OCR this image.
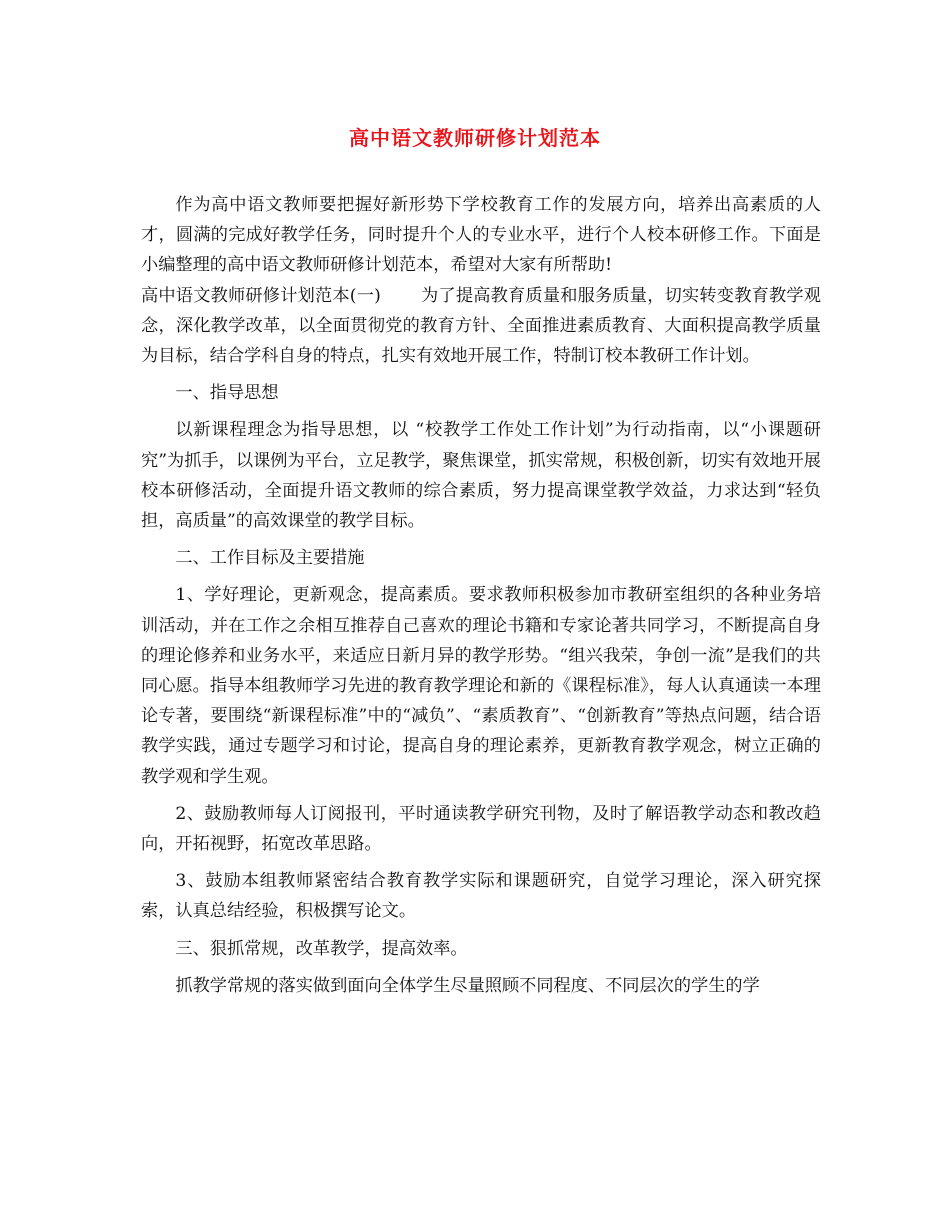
高中语文教师研修计划范本

作为高中语文教师要把握好新形势下学校教育工作的发展方向，培养出高素质的人才，圆满的完成好教学任务，同时提升个人的专业水平，进行个人校本研修工作。下面是小编整理的高中语文教师研修计划范本，希望对大家有所帮助!

高中语文教师研修计划范本(一) 为了提高教育质量和服务质量，切实转变教育教学观念，深化教学改革，以全面贯彻党的教育方针、全面推进素质教育、大面积提高教学质量为目标，结合学科自身的特点，扎实有效地开展工作，特制订校本教研工作计划。

一、指导思想

以新课程理念为指导思想，以 “校教学工作处工作计划”为行动指南，以“小课题研究”为抓手，以课例为平台，立足教学，聚焦课堂，抓实常规，积极创新，切实有效地开展校本研修活动，全面提升语文教师的综合素质，努力提高课堂教学效益，力求达到“轻负担，高质量”的高效课堂的教学目标。

二、工作目标及主要措施

1、学好理论，更新观念，提高素质。要求教师积极参加市教研室组织的各种业务培训活动，并在工作之余相互推荐自己喜欢的理论书籍和专家论著共同学习，不断提高自身的理论修养和业务水平，来适应日新月异的教学形势。“组兴我荣，争创一流”是我们的共同心愿。指导本组教师学习先进的教育教学理论和新的《课程标准》，每人认真通读一本理论专著，要围绕“新课程标准”中的“减负”、“素质教育”、“创新教育”等热点问题，结合语教学实践，通过专题学习和讨论，提高自身的理论素养，更新教育教学观念，树立正确的教学观和学生观。

2、鼓励教师每人订阅报刊，平时通读教学研究刊物，及时了解语教学动态和教改趋向，开拓视野，拓宽改革思路。

3、鼓励本组教师紧密结合教育教学实际和课题研究，自觉学习理论，深入研究探索，认真总结经验，积极撰写论文。

三、狠抓常规，改革教学，提高效率。

抓教学常规的落实做到面向全体学生尽量照顾不同程度、不同层次的学生的学
